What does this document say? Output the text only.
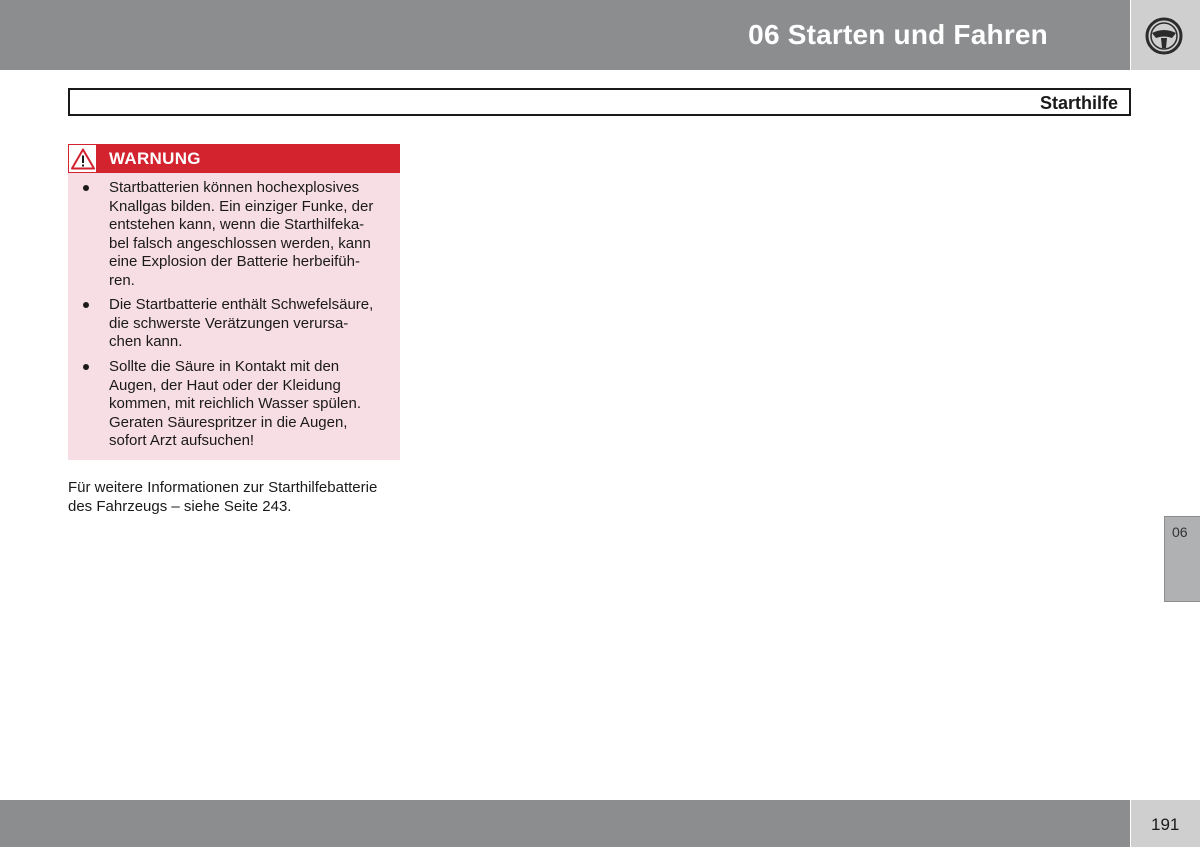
06 Starten und Fahren
Starthilfe
WARNUNG
Startbatterien können hochexplosives
Knallgas bilden. Ein einziger Funke, der
entstehen kann, wenn die Starthilfeka-
bel falsch angeschlossen werden, kann
eine Explosion der Batterie herbeifüh-
ren.
Die Startbatterie enthält Schwefelsäure,
die schwerste Verätzungen verursa-
chen kann.
Sollte die Säure in Kontakt mit den
Augen, der Haut oder der Kleidung
kommen, mit reichlich Wasser spülen.
Geraten Säurespritzer in die Augen,
sofort Arzt aufsuchen!
Für weitere Informationen zur Starthilfebatterie
des Fahrzeugs – siehe Seite 243.
06
191
